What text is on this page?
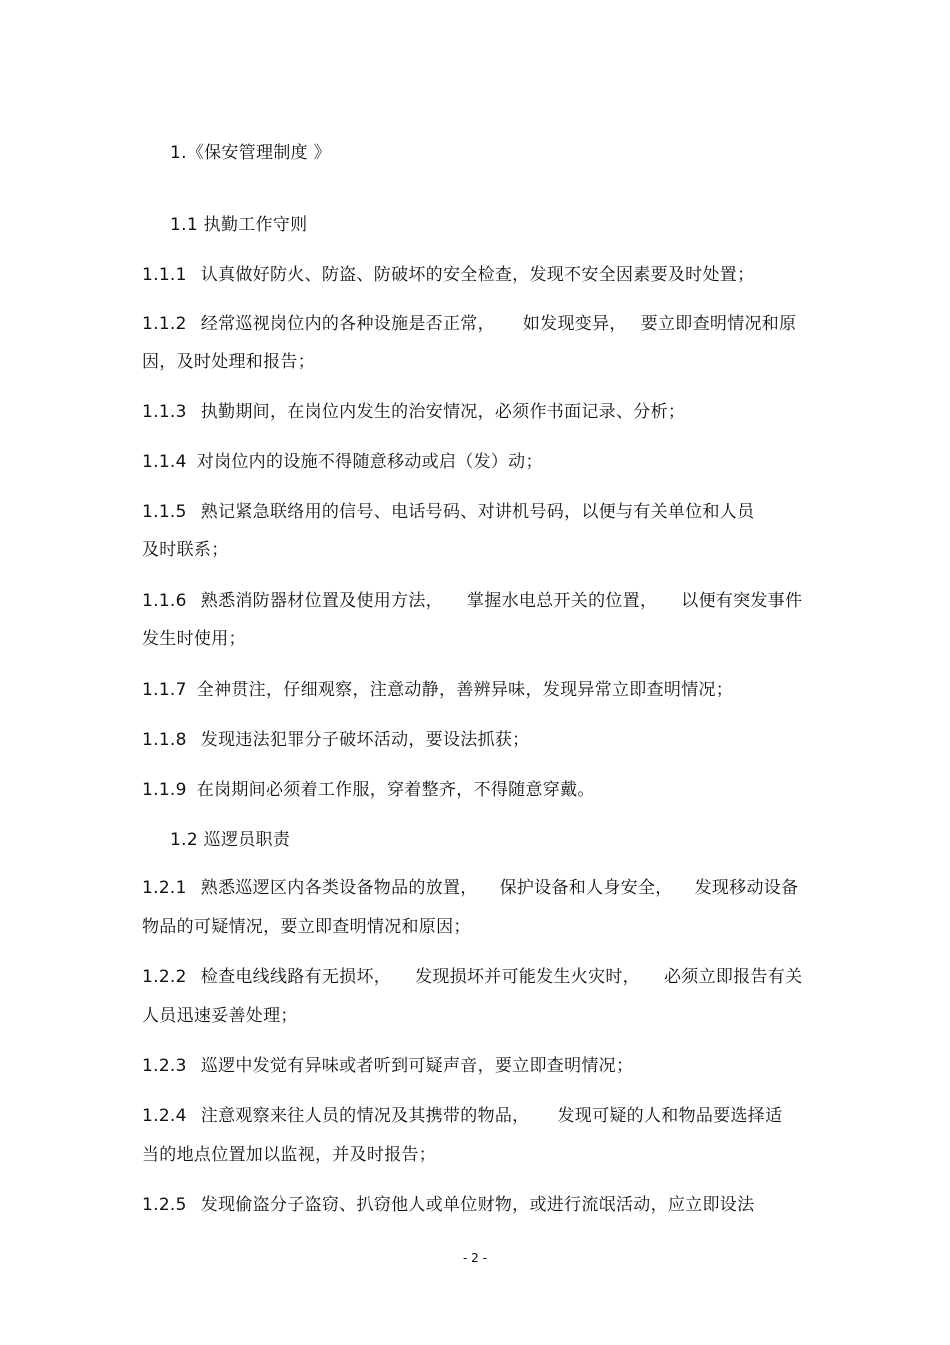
1.《保安管理制度 》
1.1 执勤工作守则
1.1.1 认真做好防火、防盗、防破坏的安全检查，发现不安全因素要及时处置；
1.1.2 经常巡视岗位内的各种设施是否正常， 如发现变异， 要立即查明情况和原
因，及时处理和报告；
1.1.3 执勤期间，在岗位内发生的治安情况，必须作书面记录、分析；
1.1.4 对岗位内的设施不得随意移动或启（发）动；
1.1.5 熟记紧急联络用的信号、电话号码、对讲机号码，以便与有关单位和人员
及时联系；
1.1.6 熟悉消防器材位置及使用方法， 掌握水电总开关的位置， 以便有突发事件
发生时使用；
1.1.7 全神贯注，仔细观察，注意动静，善辨异味，发现异常立即查明情况；
1.1.8 发现违法犯罪分子破坏活动，要设法抓获；
1.1.9 在岗期间必须着工作服，穿着整齐，不得随意穿戴。
1.2 巡逻员职责
1.2.1 熟悉巡逻区内各类设备物品的放置， 保护设备和人身安全， 发现移动设备
物品的可疑情况，要立即查明情况和原因；
1.2.2 检查电线线路有无损坏， 发现损坏并可能发生火灾时， 必须立即报告有关
人员迅速妥善处理；
1.2.3 巡逻中发觉有异味或者听到可疑声音，要立即查明情况；
1.2.4 注意观察来往人员的情况及其携带的物品， 发现可疑的人和物品要选择适
当的地点位置加以监视，并及时报告；
1.2.5 发现偷盗分子盗窃、扒窃他人或单位财物，或进行流氓活动，应立即设法
- 2 -
